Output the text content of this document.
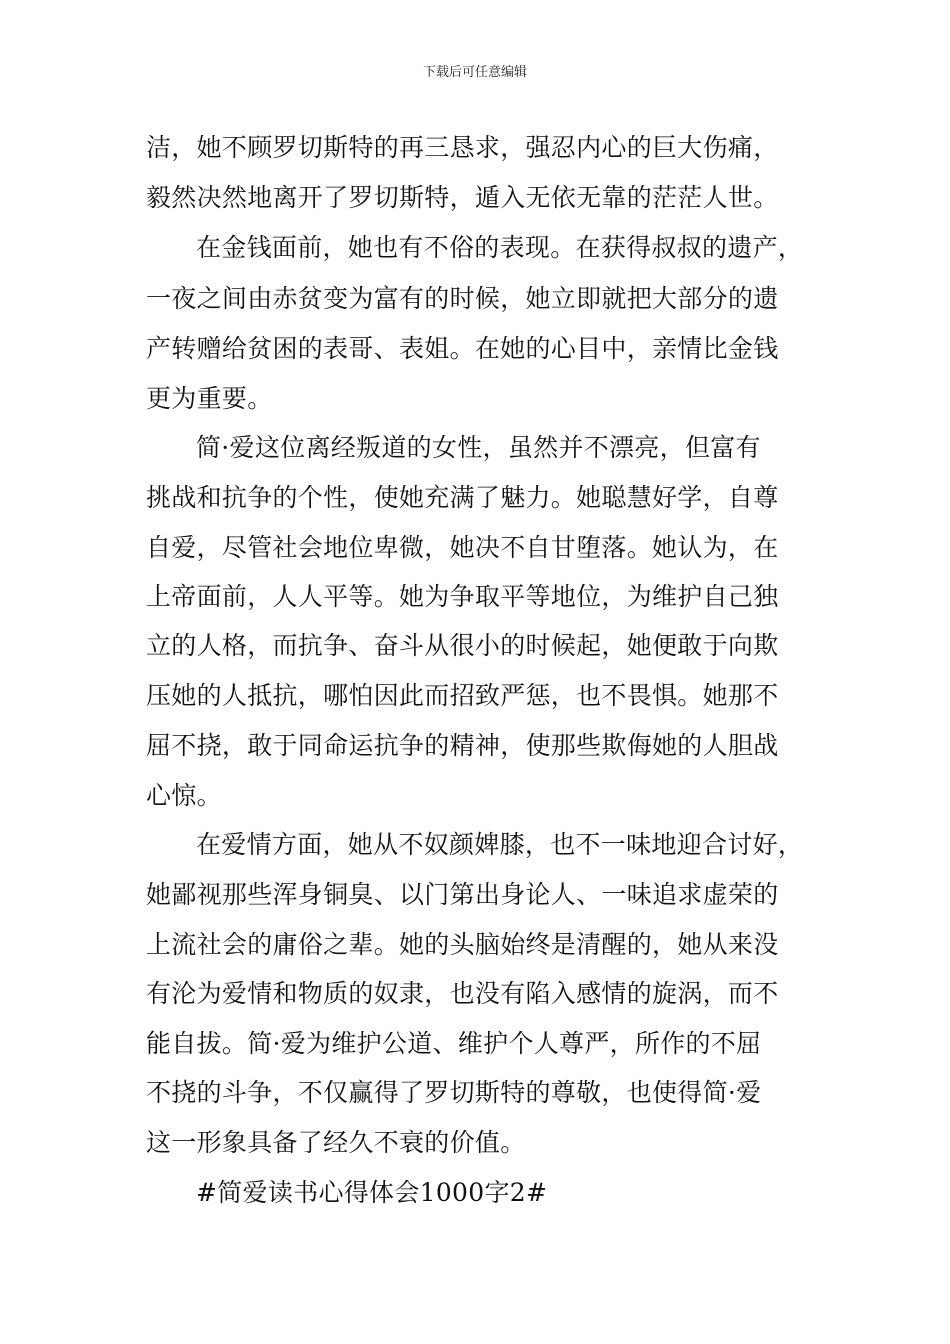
下载后可任意编辑
洁，她不顾罗切斯特的再三恳求，强忍内心的巨大伤痛，
毅然决然地离开了罗切斯特，遁入无依无靠的茫茫人世。
在金钱面前，她也有不俗的表现。在获得叔叔的遗产，
一夜之间由赤贫变为富有的时候，她立即就把大部分的遗
产转赠给贫困的表哥、表姐。在她的心目中，亲情比金钱
更为重要。
简·爱这位离经叛道的女性，虽然并不漂亮，但富有
挑战和抗争的个性，使她充满了魅力。她聪慧好学，自尊
自爱，尽管社会地位卑微，她决不自甘堕落。她认为，在
上帝面前，人人平等。她为争取平等地位，为维护自己独
立的人格，而抗争、奋斗从很小的时候起，她便敢于向欺
压她的人抵抗，哪怕因此而招致严惩，也不畏惧。她那不
屈不挠，敢于同命运抗争的精神，使那些欺侮她的人胆战
心惊。
在爱情方面，她从不奴颜婢膝，也不一味地迎合讨好，
她鄙视那些浑身铜臭、以门第出身论人、一味追求虚荣的
上流社会的庸俗之辈。她的头脑始终是清醒的，她从来没
有沦为爱情和物质的奴隶，也没有陷入感情的旋涡，而不
能自拔。简·爱为维护公道、维护个人尊严，所作的不屈
不挠的斗争，不仅赢得了罗切斯特的尊敬，也使得简·爱
这一形象具备了经久不衰的价值。
#简爱读书心得体会1000字2#
